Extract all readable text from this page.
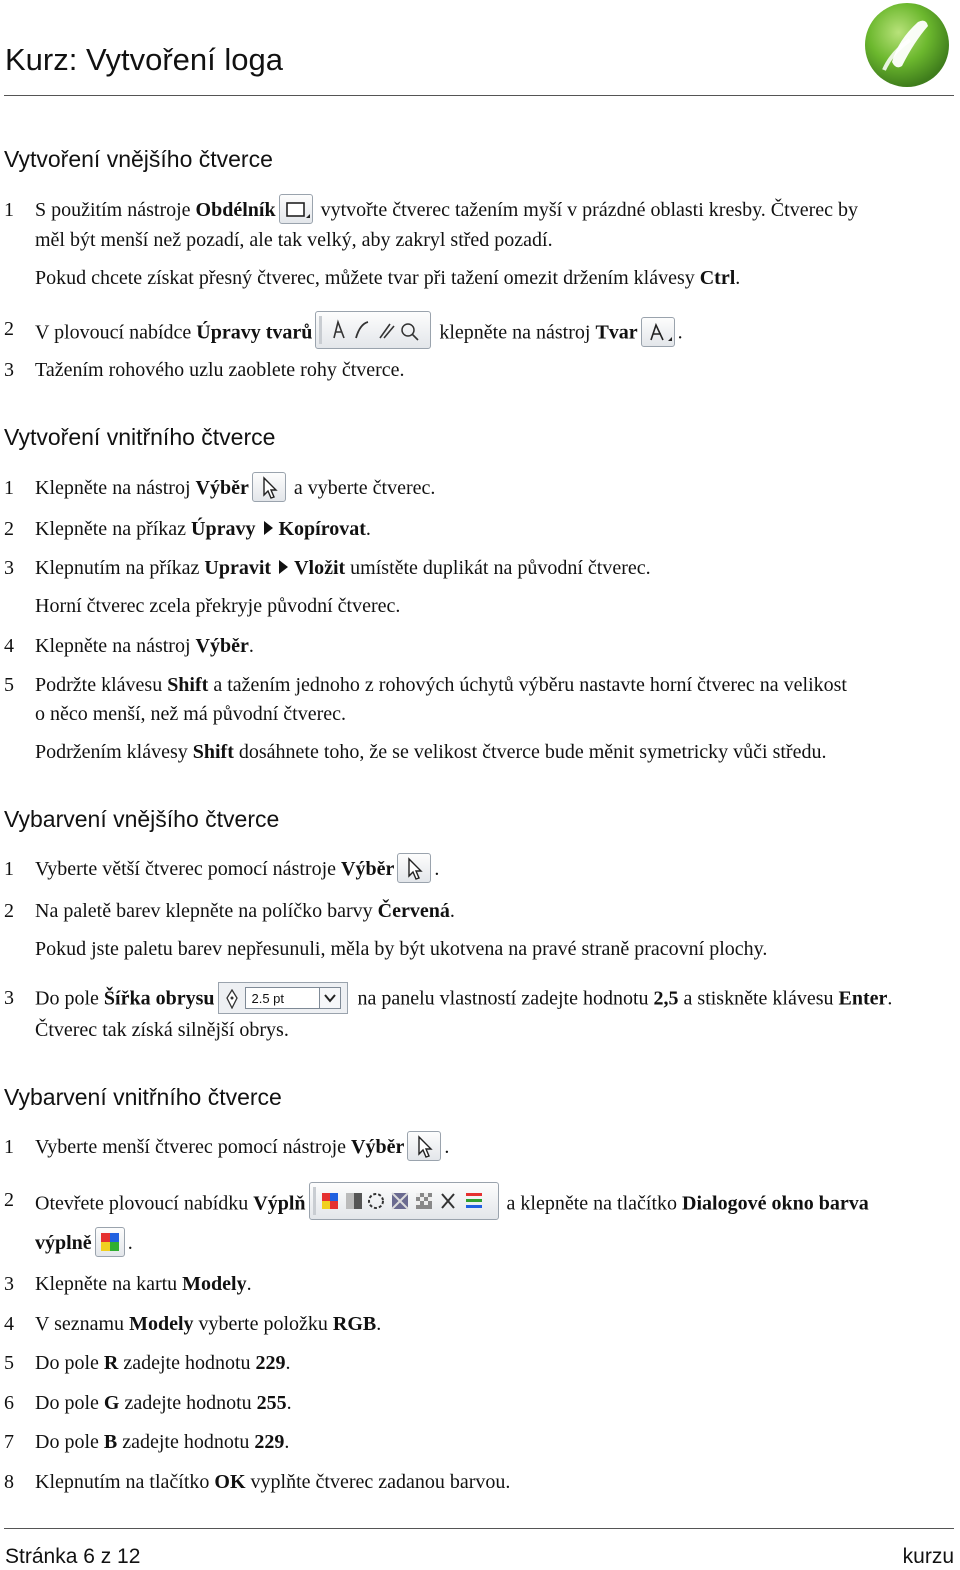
Kurz: Vytvoření loga
Vytvoření vnějšího čtverce
1	S použitím nástroje Obdélník
vytvořte čtverec tažením myší v prázdné oblasti kresby. Čtverec by
měl být menší než pozadí, ale tak velký, aby zakryl střed pozadí.
Pokud chcete získat přesný čtverec, můžete tvar při tažení omezit držením klávesy Ctrl.
2	V plovoucí nabídce Úpravy tvarů	klepněte na nástroj Tvar .
3	Tažením rohového uzlu zaoblete rohy čtverce.
Vytvoření vnitřního čtverce
1	Klepněte na nástroj Výběr
a vyberte čtverec.
2	Klepněte na příkaz Úpravy Kopírovat.
3	Klepnutím na příkaz Upravit Vložit umístěte duplikát na původní čtverec.
Horní čtverec zcela překryje původní čtverec.
4	Klepněte na nástroj Výběr.
5	Podržte klávesu Shift a tažením jednoho z rohových úchytů výběru nastavte horní čtverec na velikost
o něco menší, než má původní čtverec.
Podržením klávesy Shift dosáhnete toho, že se velikost čtverce bude měnit symetricky vůči středu.
Vybarvení vnějšího čtverce
1	Vyberte větší čtverec pomocí nástroje Výběr .
2	Na paletě barev klepněte na políčko barvy Červená.
Pokud jste paletu barev nepřesunuli, měla by být ukotvena na pravé straně pracovní plochy.
3	Do pole Šířka obrysu	2.5 pt	na panelu vlastností zadejte hodnotu 2,5 a stiskněte klávesu Enter.
Čtverec tak získá silnější obrys.
Vybarvení vnitřního čtverce
1	Vyberte menší čtverec pomocí nástroje Výběr .
2	Otevřete plovoucí nabídku Výplň	a klepněte na tlačítko Dialogové okno barva
výplně .
3	Klepněte na kartu Modely.
4	V seznamu Modely vyberte položku RGB.
5	Do pole R zadejte hodnotu 229.
6	Do pole G zadejte hodnotu 255.
7	Do pole B zadejte hodnotu 229.
8	Klepnutím na tlačítko OK vyplňte čtverec zadanou barvou.
Stránka 6 z 12	kurzu
